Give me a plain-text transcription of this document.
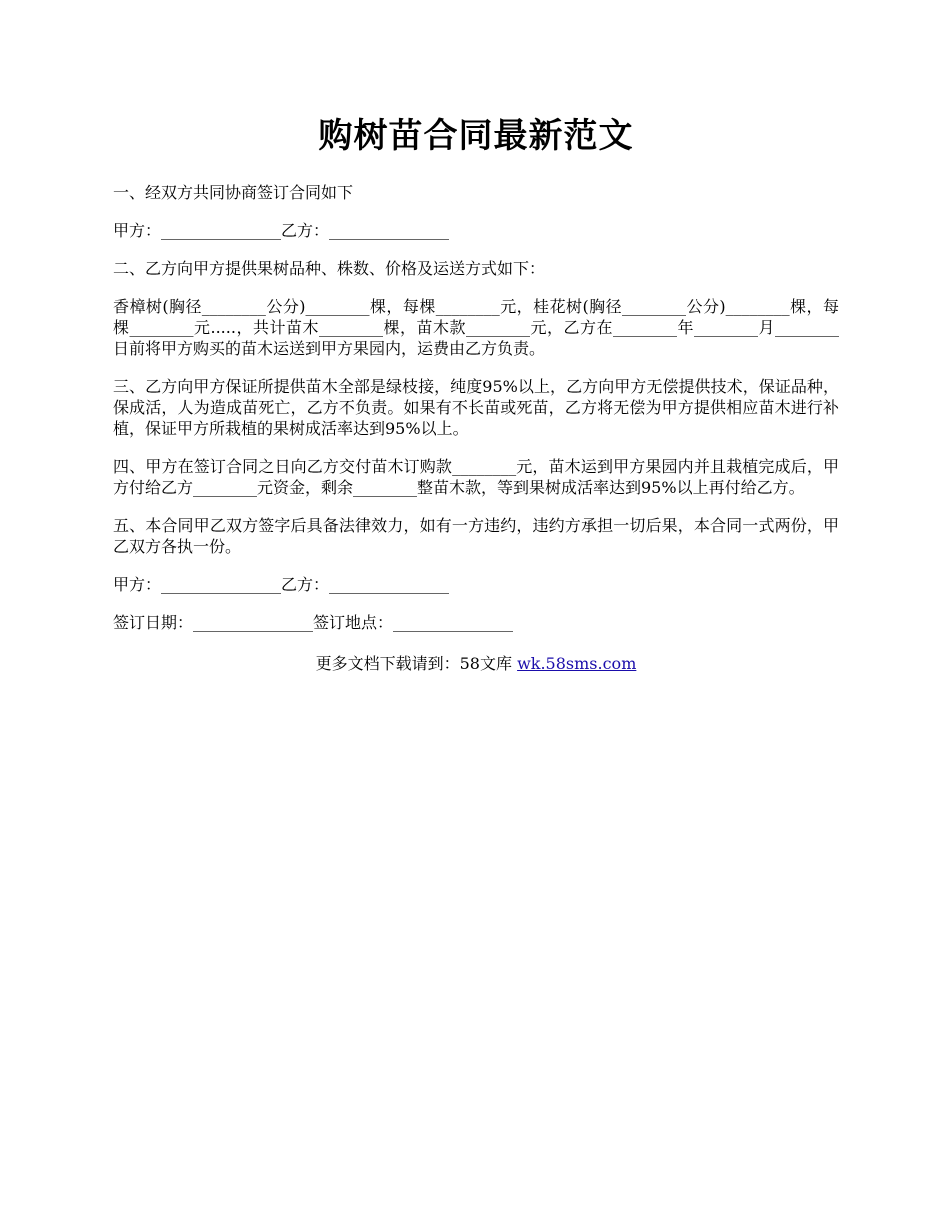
购树苗合同最新范文

一、经双方共同协商签订合同如下

甲方：_______________乙方：_______________

二、乙方向甲方提供果树品种、株数、价格及运送方式如下：

香樟树(胸径________公分)________棵，每棵________元，桂花树(胸径________公分)________棵，每棵________元.....，共计苗木________棵，苗木款________元，乙方在________年________月________日前将甲方购买的苗木运送到甲方果园内，运费由乙方负责。

三、乙方向甲方保证所提供苗木全部是绿枝接，纯度95%以上，乙方向甲方无偿提供技术，保证品种，保成活，人为造成苗死亡，乙方不负责。如果有不长苗或死苗，乙方将无偿为甲方提供相应苗木进行补植，保证甲方所栽植的果树成活率达到95%以上。

四、甲方在签订合同之日向乙方交付苗木订购款________元，苗木运到甲方果园内并且栽植完成后，甲方付给乙方________元资金，剩余________整苗木款，等到果树成活率达到95%以上再付给乙方。

五、本合同甲乙双方签字后具备法律效力，如有一方违约，违约方承担一切后果，本合同一式两份，甲乙双方各执一份。

甲方：_______________乙方：_______________

签订日期：_______________签订地点：_______________

更多文档下载请到：58文库 wk.58sms.com
